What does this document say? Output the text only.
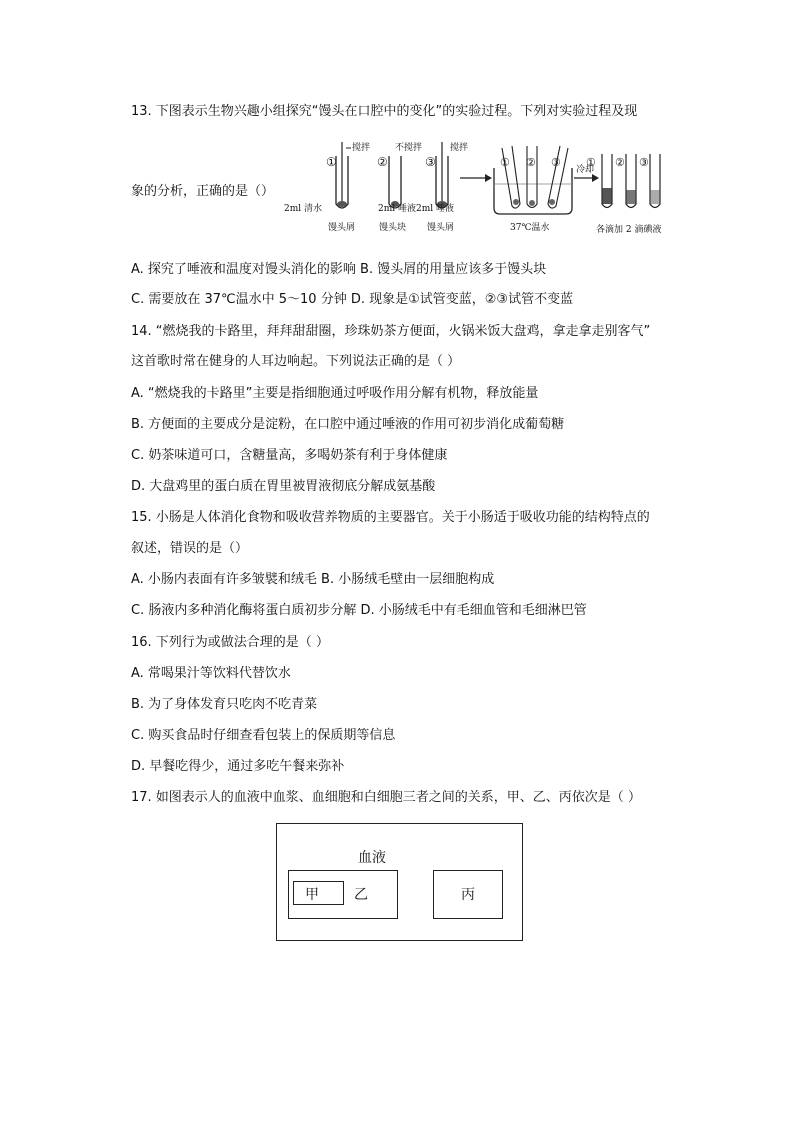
13. 下图表示生物兴趣小组探究“馒头在口腔中的变化”的实验过程。下列对实验过程及现
象的分析，正确的是（）
①
搅拌
2ml 清水
馒头屑
②
不搅拌
2ml 唾液
馒头块
③
搅拌
2ml 唾液
馒头屑
① ② ③
37℃温水
冷却
① ② ③
各滴加 2 滴碘液
A. 探究了唾液和温度对馒头消化的影响 B. 馒头屑的用量应该多于馒头块
C. 需要放在 37℃温水中 5～10 分钟 D. 现象是①试管变蓝，②③试管不变蓝
14. “燃烧我的卡路里，拜拜甜甜圈，珍珠奶茶方便面，火锅米饭大盘鸡，拿走拿走别客气”
这首歌时常在健身的人耳边响起。下列说法正确的是（ ）
A. “燃烧我的卡路里”主要是指细胞通过呼吸作用分解有机物，释放能量
B. 方便面的主要成分是淀粉，在口腔中通过唾液的作用可初步消化成葡萄糖
C. 奶茶味道可口，含糖量高，多喝奶茶有利于身体健康
D. 大盘鸡里的蛋白质在胃里被胃液彻底分解成氨基酸
15. 小肠是人体消化食物和吸收营养物质的主要器官。关于小肠适于吸收功能的结构特点的
叙述，错误的是（）
A. 小肠内表面有许多皱襞和绒毛 B. 小肠绒毛壁由一层细胞构成
C. 肠液内多种消化酶将蛋白质初步分解 D. 小肠绒毛中有毛细血管和毛细淋巴管
16. 下列行为或做法合理的是（ ）
A. 常喝果汁等饮料代替饮水
B. 为了身体发育只吃肉不吃青菜
C. 购买食品时仔细查看包装上的保质期等信息
D. 早餐吃得少，通过多吃午餐来弥补
17. 如图表示人的血液中血浆、血细胞和白细胞三者之间的关系，甲、乙、丙依次是（ ）
血液
甲	乙	丙
